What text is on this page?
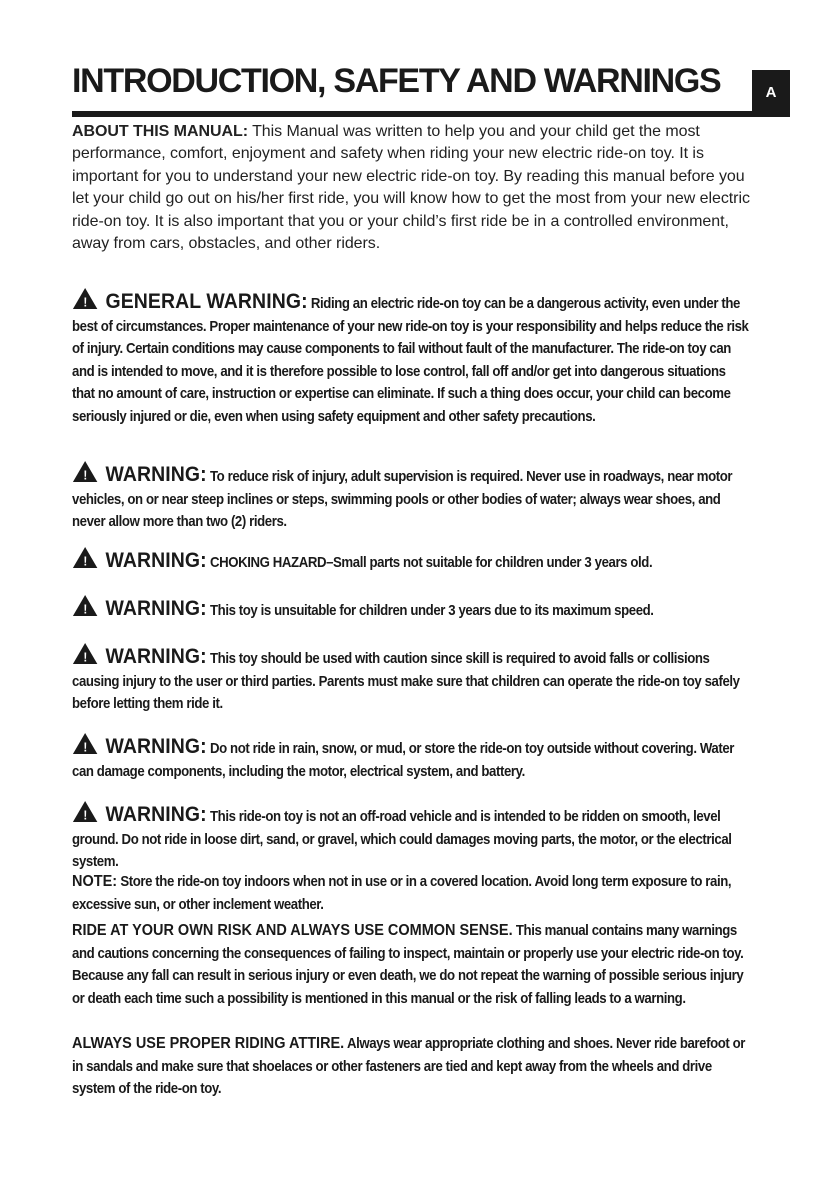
INTRODUCTION, SAFETY AND WARNINGS	A

ABOUT THIS MANUAL: This Manual was written to help you and your child get the most performance, comfort, enjoyment and safety when riding your new electric ride-on toy. It is important for you to understand your new electric ride-on toy. By reading this manual before you let your child go out on his/her first ride, you will know how to get the most from your new electric ride-on toy. It is also important that you or your child’s first ride be in a controlled environment, away from cars, obstacles, and other riders.

! GENERAL WARNING: Riding an electric ride-on toy can be a dangerous activity, even under the best of circumstances. Proper maintenance of your new ride-on toy is your responsibility and helps reduce the risk of injury. Certain conditions may cause components to fail without fault of the manufacturer. The ride-on toy can and is intended to move, and it is therefore possible to lose control, fall off and/or get into dangerous situations that no amount of care, instruction or expertise can eliminate. If such a thing does occur, your child can become seriously injured or die, even when using safety equipment and other safety precautions.

! WARNING: To reduce risk of injury, adult supervision is required. Never use in roadways, near motor vehicles, on or near steep inclines or steps, swimming pools or other bodies of water; always wear shoes, and never allow more than two (2) riders.

! WARNING: CHOKING HAZARD–Small parts not suitable for children under 3 years old.

! WARNING: This toy is unsuitable for children under 3 years due to its maximum speed.

! WARNING: This toy should be used with caution since skill is required to avoid falls or collisions causing injury to the user or third parties. Parents must make sure that children can operate the ride-on toy safely before letting them ride it.

! WARNING: Do not ride in rain, snow, or mud, or store the ride-on toy outside without covering. Water can damage components, including the motor, electrical system, and battery.

! WARNING: This ride-on toy is not an off-road vehicle and is intended to be ridden on smooth, level ground. Do not ride in loose dirt, sand, or gravel, which could damages moving parts, the motor, or the electrical system.

NOTE: Store the ride-on toy indoors when not in use or in a covered location. Avoid long term exposure to rain, excessive sun, or other inclement weather.

RIDE AT YOUR OWN RISK AND ALWAYS USE COMMON SENSE. This manual contains many warnings and cautions concerning the consequences of failing to inspect, maintain or properly use your electric ride-on toy. Because any fall can result in serious injury or even death, we do not repeat the warning of possible serious injury or death each time such a possibility is mentioned in this manual or the risk of falling leads to a warning.

ALWAYS USE PROPER RIDING ATTIRE. Always wear appropriate clothing and shoes. Never ride barefoot or in sandals and make sure that shoelaces or other fasteners are tied and kept away from the wheels and drive system of the ride-on toy.
